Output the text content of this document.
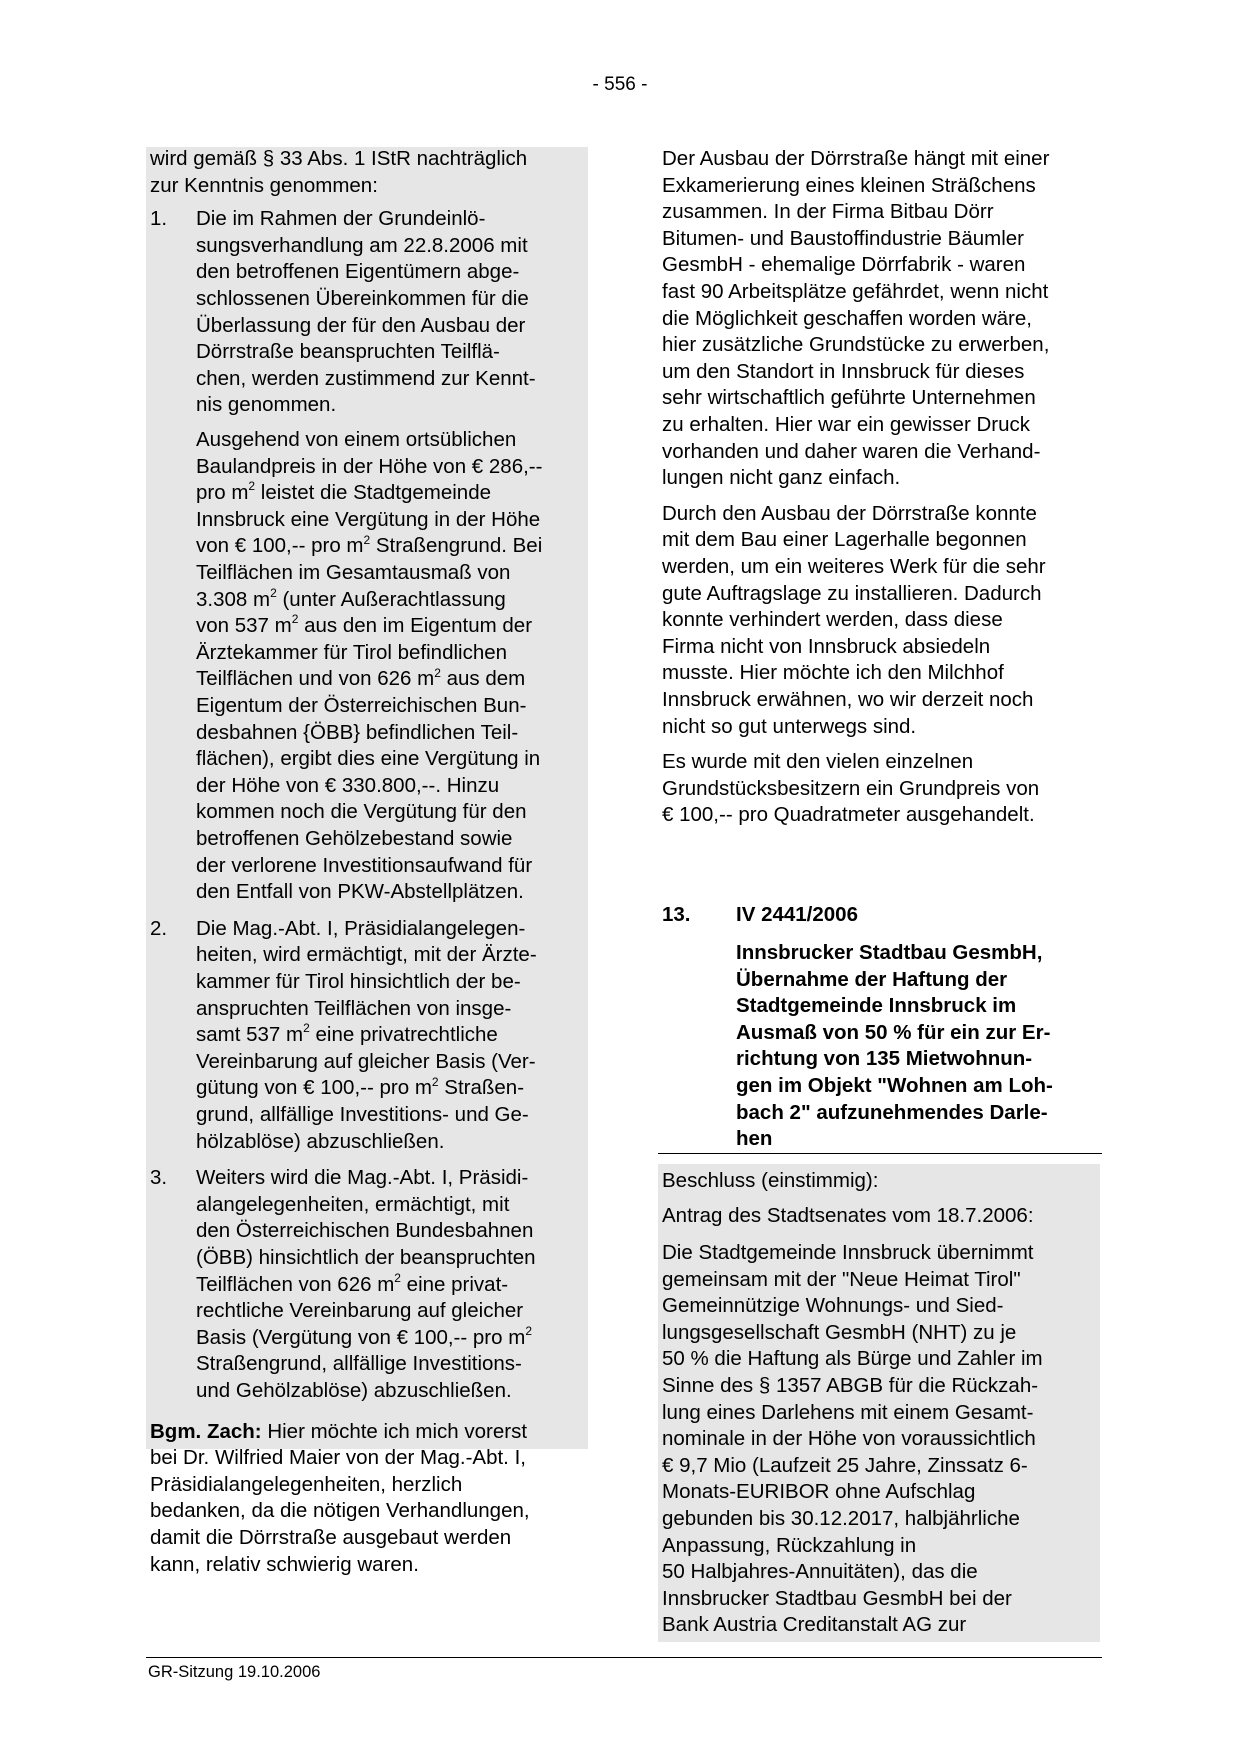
- 556 -
wird gemäß § 33 Abs. 1 IStR nachträglich
zur Kenntnis genommen:
1. Die im Rahmen der Grundeinlö-
sungsverhandlung am 22.8.2006 mit
den betroffenen Eigentümern abge-
schlossenen Übereinkommen für die
Überlassung der für den Ausbau der
Dörrstraße beanspruchten Teilflä-
chen, werden zustimmend zur Kennt-
nis genommen.
Ausgehend von einem ortsüblichen
Baulandpreis in der Höhe von € 286,--
pro $m^2$ leistet die Stadtgemeinde
Innsbruck eine Vergütung in der Höhe
von € 100,-- pro $m^2$ Straßengrund. Bei
Teilflächen im Gesamtausmaß von
3.308 $m^2$ (unter Außerachtlassung
von 537 $m^2$ aus den im Eigentum der
Ärztekammer für Tirol befindlichen
Teilflächen und von 626 $m^2$ aus dem
Eigentum der Österreichischen Bun-
desbahnen {ÖBB} befindlichen Teil-
flächen), ergibt dies eine Vergütung in
der Höhe von € 330.800,--. Hinzu
kommen noch die Vergütung für den
betroffenen Gehölzebestand sowie
der verlorene Investitionsaufwand für
den Entfall von PKW-Abstellplätzen.
2. Die Mag.-Abt. I, Präsidialangelegen-
heiten, wird ermächtigt, mit der Ärzte-
kammer für Tirol hinsichtlich der be-
anspruchten Teilflächen von insge-
samt 537 $m^2$ eine privatrechtliche
Vereinbarung auf gleicher Basis (Ver-
gütung von € 100,-- pro $m^2$ Straßen-
grund, allfällige Investitions- und Ge-
hölzablöse) abzuschließen.
3. Weiters wird die Mag.-Abt. I, Präsidi-
alangelegenheiten, ermächtigt, mit
den Österreichischen Bundesbahnen
(ÖBB) hinsichtlich der beanspruchten
Teilflächen von 626 $m^2$ eine privat-
rechtliche Vereinbarung auf gleicher
Basis (Vergütung von € 100,-- pro $m^2$
Straßengrund, allfällige Investitions-
und Gehölzablöse) abzuschließen.
Bgm. Zach: Hier möchte ich mich vorerst
bei Dr. Wilfried Maier von der Mag.-Abt. I,
Präsidialangelegenheiten, herzlich
bedanken, da die nötigen Verhandlungen,
damit die Dörrstraße ausgebaut werden
kann, relativ schwierig waren.
Der Ausbau der Dörrstraße hängt mit einer
Exkamerierung eines kleinen Sträßchens
zusammen. In der Firma Bitbau Dörr
Bitumen- und Baustoffindustrie Bäumler
GesmbH - ehemalige Dörrfabrik - waren
fast 90 Arbeitsplätze gefährdet, wenn nicht
die Möglichkeit geschaffen worden wäre,
hier zusätzliche Grundstücke zu erwerben,
um den Standort in Innsbruck für dieses
sehr wirtschaftlich geführte Unternehmen
zu erhalten. Hier war ein gewisser Druck
vorhanden und daher waren die Verhand-
lungen nicht ganz einfach.
Durch den Ausbau der Dörrstraße konnte
mit dem Bau einer Lagerhalle begonnen
werden, um ein weiteres Werk für die sehr
gute Auftragslage zu installieren. Dadurch
konnte verhindert werden, dass diese
Firma nicht von Innsbruck absiedeln
musste. Hier möchte ich den Milchhof
Innsbruck erwähnen, wo wir derzeit noch
nicht so gut unterwegs sind.
Es wurde mit den vielen einzelnen
Grundstücksbesitzern ein Grundpreis von
€ 100,-- pro Quadratmeter ausgehandelt.
13. IV 2441/2006
Innsbrucker Stadtbau GesmbH,
Übernahme der Haftung der
Stadtgemeinde Innsbruck im
Ausmaß von 50 % für ein zur Er-
richtung von 135 Mietwohnun-
gen im Objekt "Wohnen am Loh-
bach 2" aufzunehmendes Darle-
hen
Beschluss (einstimmig):
Antrag des Stadtsenates vom 18.7.2006:
Die Stadtgemeinde Innsbruck übernimmt
gemeinsam mit der "Neue Heimat Tirol"
Gemeinnützige Wohnungs- und Sied-
lungsgesellschaft GesmbH (NHT) zu je
50 % die Haftung als Bürge und Zahler im
Sinne des § 1357 ABGB für die Rückzah-
lung eines Darlehens mit einem Gesamt-
nominale in der Höhe von voraussichtlich
€ 9,7 Mio (Laufzeit 25 Jahre, Zinssatz 6-
Monats-EURIBOR ohne Aufschlag
gebunden bis 30.12.2017, halbjährliche
Anpassung, Rückzahlung in
50 Halbjahres-Annuitäten), das die
Innsbrucker Stadtbau GesmbH bei der
Bank Austria Creditanstalt AG zur
GR-Sitzung 19.10.2006
